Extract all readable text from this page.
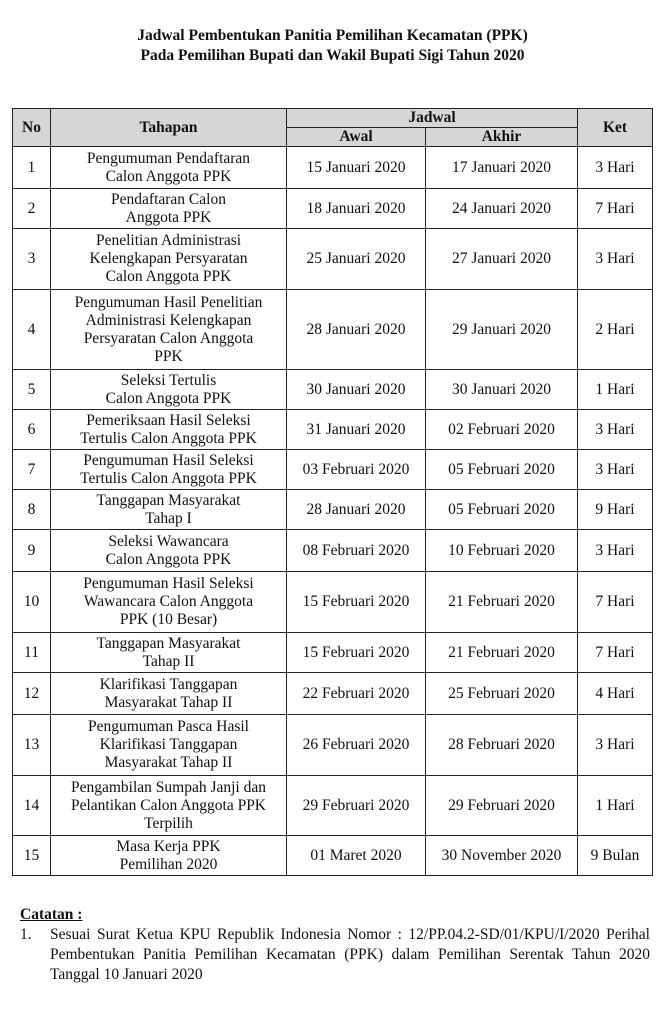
Jadwal Pembentukan Panitia Pemilihan Kecamatan (PPK)
Pada Pemilihan Bupati dan Wakil Bupati Sigi Tahun 2020
No	Tahapan	Jadwal		Ket
		Awal	Akhir	
1	Pengumuman Pendaftaran
Calon Anggota PPK	15 Januari 2020	17 Januari 2020	3 Hari
2	Pendaftaran Calon
Anggota PPK	18 Januari 2020	24 Januari 2020	7 Hari
3	Penelitian Administrasi
Kelengkapan Persyaratan
Calon Anggota PPK	25 Januari 2020	27 Januari 2020	3 Hari
4	Pengumuman Hasil Penelitian
Administrasi Kelengkapan
Persyaratan Calon Anggota
PPK	28 Januari 2020	29 Januari 2020	2 Hari
5	Seleksi Tertulis
Calon Anggota PPK	30 Januari 2020	30 Januari 2020	1 Hari
6	Pemeriksaan Hasil Seleksi
Tertulis Calon Anggota PPK	31 Januari 2020	02 Februari 2020	3 Hari
7	Pengumuman Hasil Seleksi
Tertulis Calon Anggota PPK	03 Februari 2020	05 Februari 2020	3 Hari
8	Tanggapan Masyarakat
Tahap I	28 Januari 2020	05 Februari 2020	9 Hari
9	Seleksi Wawancara
Calon Anggota PPK	08 Februari 2020	10 Februari 2020	3 Hari
10	Pengumuman Hasil Seleksi
Wawancara Calon Anggota
PPK (10 Besar)	15 Februari 2020	21 Februari 2020	7 Hari
11	Tanggapan Masyarakat
Tahap II	15 Februari 2020	21 Februari 2020	7 Hari
12	Klarifikasi Tanggapan
Masyarakat Tahap II	22 Februari 2020	25 Februari 2020	4 Hari
13	Pengumuman Pasca Hasil
Klarifikasi Tanggapan
Masyarakat Tahap II	26 Februari 2020	28 Februari 2020	3 Hari
14	Pengambilan Sumpah Janji dan
Pelantikan Calon Anggota PPK
Terpilih	29 Februari 2020	29 Februari 2020	1 Hari
15	Masa Kerja PPK
Pemilihan 2020	01 Maret 2020	30 November 2020	9 Bulan
Catatan :
1.	Sesuai Surat Ketua KPU Republik Indonesia Nomor : 12/PP.04.2-SD/01/KPU/I/2020 Perihal Pembentukan Panitia Pemilihan Kecamatan (PPK) dalam Pemilihan Serentak Tahun 2020 Tanggal 10 Januari 2020
